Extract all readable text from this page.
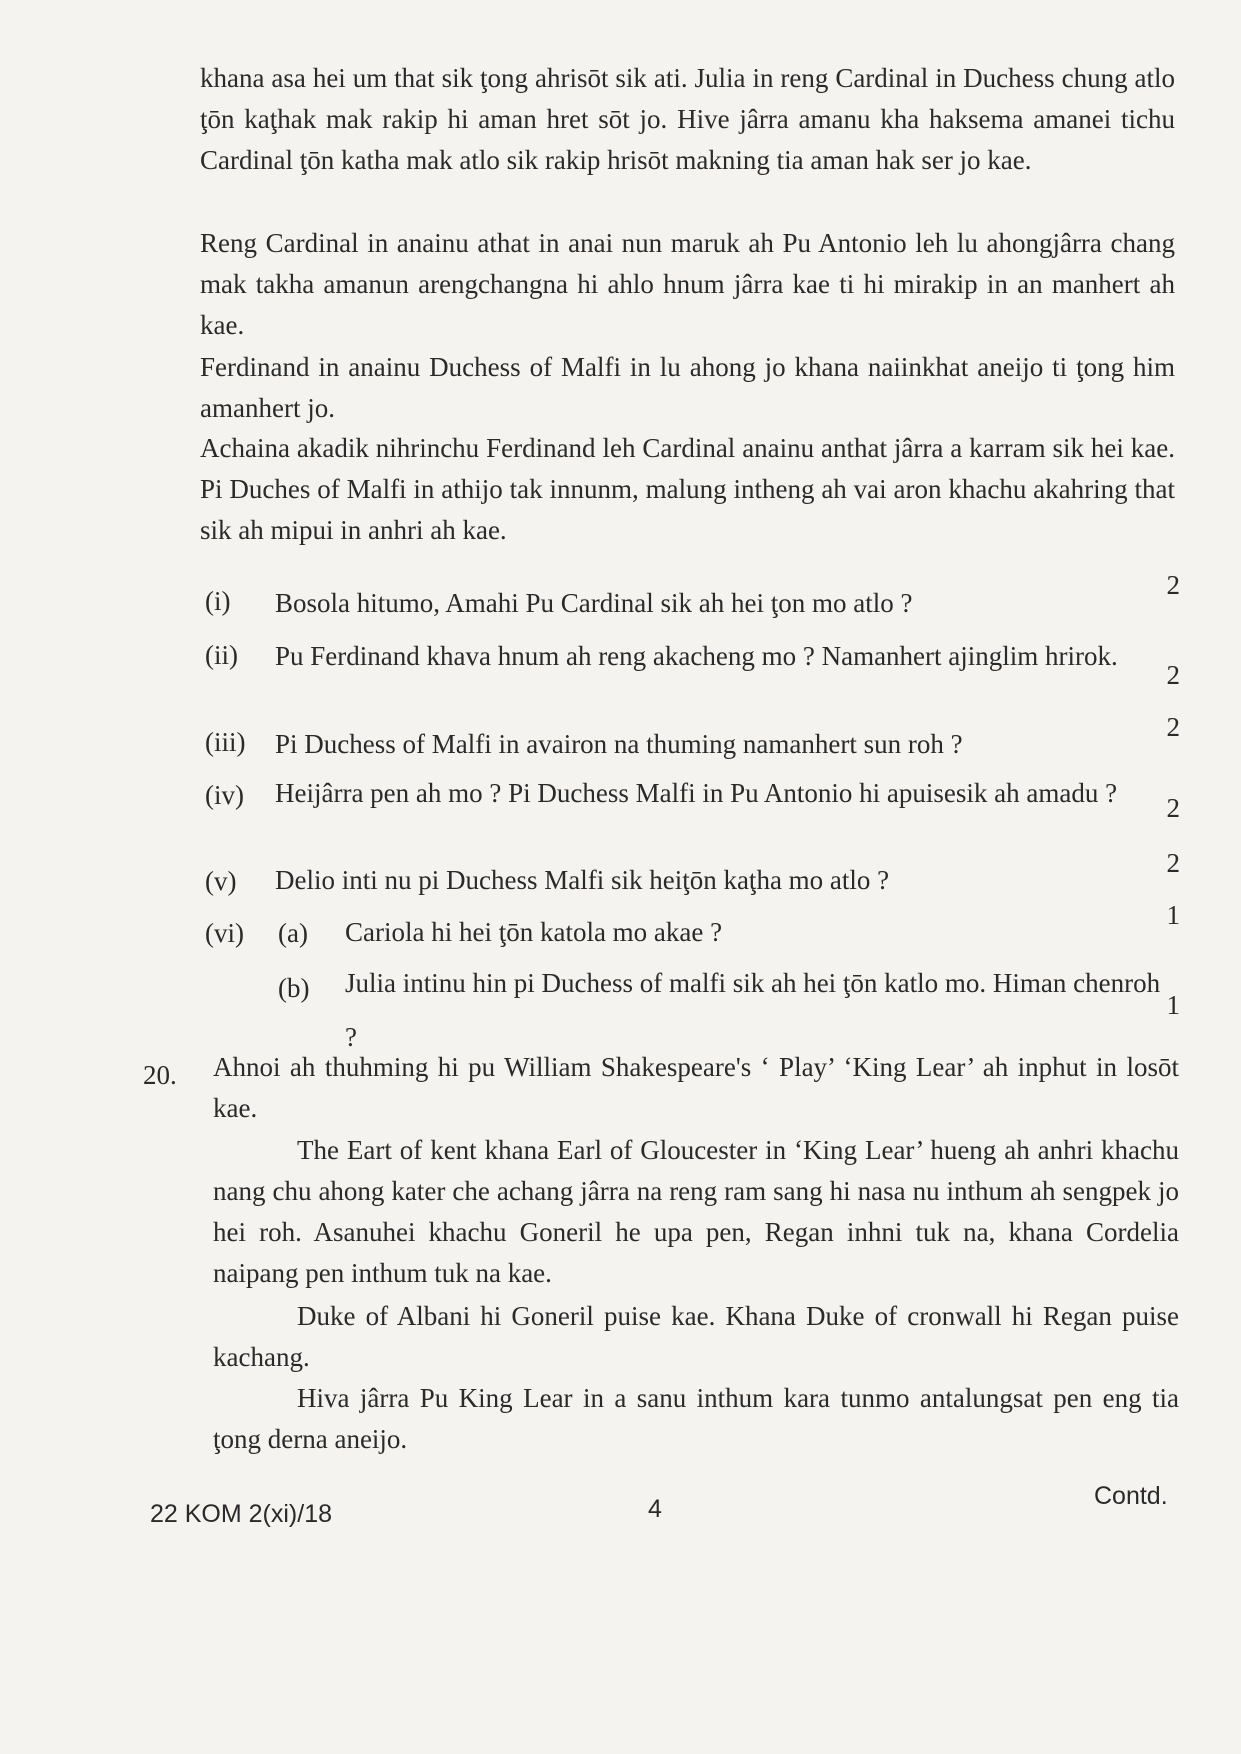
khana asa hei um that sik ţong ahrisōt sik ati. Julia in reng Cardinal in Duchess chung atlo ţōn kaţhak mak rakip hi aman hret sōt jo. Hive jârra amanu kha haksema amanei tichu Cardinal ţōn katha mak atlo sik rakip hrisōt makning tia aman hak ser jo kae.

Reng Cardinal in anainu athat in anai nun maruk ah Pu Antonio leh lu ahongjârra chang mak takha amanun arengchangna hi ahlo hnum jârra kae ti hi mirakip in an manhert ah kae.

Ferdinand in anainu Duchess of Malfi in lu ahong jo khana naiinkhat aneijo ti ţong him amanhert jo.

Achaina akadik nihrinchu Ferdinand leh Cardinal anainu anthat jârra a karram sik hei kae. Pi Duches of Malfi in athijo tak innunm, malung intheng ah vai aron khachu akahring that sik ah mipui in anhri ah kae.

(i) Bosola hitumo, Amahi Pu Cardinal sik ah hei ţon mo atlo ?
2
(ii) Pu Ferdinand khava hnum ah reng akacheng mo ? Namanhert ajinglim hrirok.
2
(iii) Pi Duchess of Malfi in avairon na thuming namanhert sun roh ?
2
(iv) Heijârra pen ah mo ? Pi Duchess Malfi in Pu Antonio hi apuisesik ah amadu ?	2
(v) Delio inti nu pi Duchess Malfi sik heiţōn kaţha mo atlo ?
2
(vi) (a) Cariola hi hei ţōn katola mo akae ?
1
(b) Julia intinu hin pi Duchess of malfi sik ah hei ţōn katlo mo. Himan chenroh ?
1
20. Ahnoi ah thuhming hi pu William Shakespeare's ‘ Play’ ‘King Lear’ ah inphut in losōt kae.

The Eart of kent khana Earl of Gloucester in ‘King Lear’ hueng ah anhri khachu nang chu ahong kater che achang jârra na reng ram sang hi nasa nu inthum ah sengpek jo hei roh. Asanuhei khachu Goneril he upa pen, Regan inhni tuk na, khana Cordelia naipang pen inthum tuk na kae.

Duke of Albani hi Goneril puise kae. Khana Duke of cronwall hi Regan puise kachang.

Hiva jârra Pu King Lear in a sanu inthum kara tunmo antalungsat pen eng tia ţong derna aneijo.

22 KOM 2(xi)/18	4	Contd.
